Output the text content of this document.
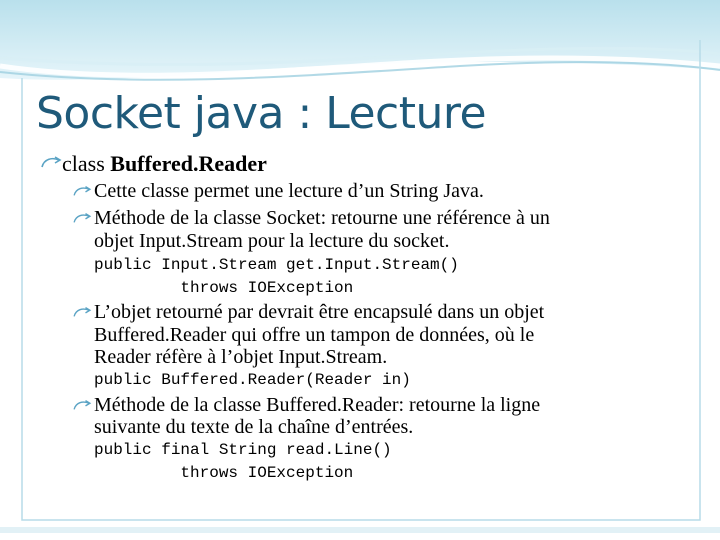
Socket java : Lecture
class Buffered.Reader
Cette classe permet une lecture d’un String Java.
Méthode de la classe Socket: retourne une référence à un
objet Input.Stream pour la lecture du socket.
public Input.Stream get.Input.Stream()
throws IOException
L’objet retourné par devrait être encapsulé dans un objet
Buffered.Reader qui offre un tampon de données, où le
Reader réfère à l’objet Input.Stream.
public Buffered.Reader(Reader in)
Méthode de la classe Buffered.Reader: retourne la ligne
suivante du texte de la chaîne d’entrées.
public final String read.Line()
throws IOException
